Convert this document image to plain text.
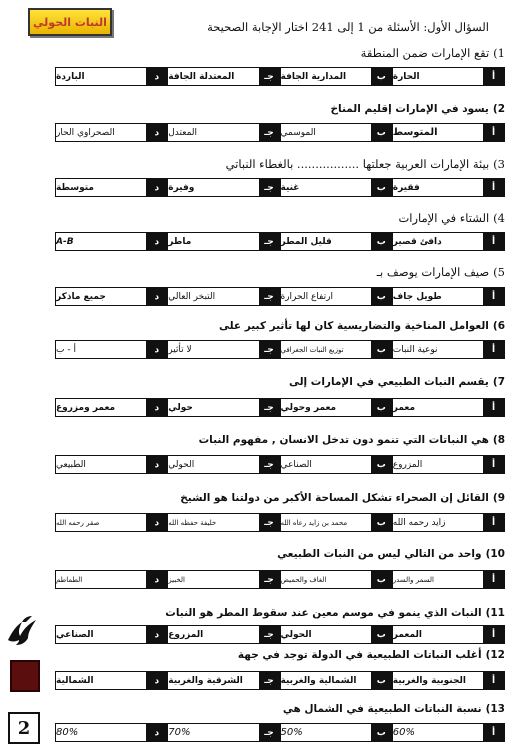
النبات الحولي	السؤال الأول: الأسئلة من 1 إلى 241 اختار الإجابة الصحيحة
1)تقع الإمارات ضمن المنطقة
أ
الحارة
ب
المدارية الجافة
جـ
المعتدلة الجافة
د
الباردة
2)يسود في الإمارات إقليم المناخ
أ
المتوسط
ب
الموسمي
جـ
المعتدل
د
الصحراوي الحار
3)بيئة الإمارات العربية جعلتها ................. بالغطاء النباتي
أ
فقيرة
ب
غنية
جـ
وفيرة
د
متوسطة
4)الشتاء في الإمارات
أ
دافئ قصير
ب
قليل المطر
جـ
ماطر
د
A-B
5)صيف الإمارات يوصف بـ
أ
طويل جاف
ب
ارتفاع الحرارة
جـ
التبخر العالي
د
جميع ماذكر
6)العوامل المناخية والتضاريسية كان لها تأثير كبير على
أ
نوعية النبات
ب
توزيع النبات الجغرافي
جـ
لا تأثير
د
أ - ب
7)يقسم النبات الطبيعي في الإمارات إلى
أ
معمر
ب
معمر وحولي
جـ
حولي
د
معمر ومزروع
8)هي النباتات التي تنمو دون تدخل الانسان , مفهوم النبات
أ
المزروع
ب
الصناعي
جـ
الحولي
د
الطبيعي
9)القائل إن الصحراء تشكل المساحة الأكبر من دولتنا هو الشيخ
أ
زايد رحمه الله
ب
محمد بن زايد رعاه الله
جـ
خليفة حفظه الله
د
صقر رحمه الله
10)واحد من التالي ليس من النبات الطبيعي
أ
السمر والسدر
ب
الغاف والحميض
جـ
الخبيز
د
الطماطم
11)النبات الذي ينمو في موسم معين عند سقوط المطر هو النبات
أ
المعمر
ب
الحولي
جـ
المزروع
د
الصناعي
12)أغلب النباتات الطبيعية في الدولة توجد في جهة
أ
الجنوبية والغربية
ب
الشمالية والغربية
جـ
الشرقية والغربية
د
الشمالية
13)نسبة النباتات الطبيعية في الشمال هي
أ
60%
ب
50%
جـ
70%
د
80%
2
